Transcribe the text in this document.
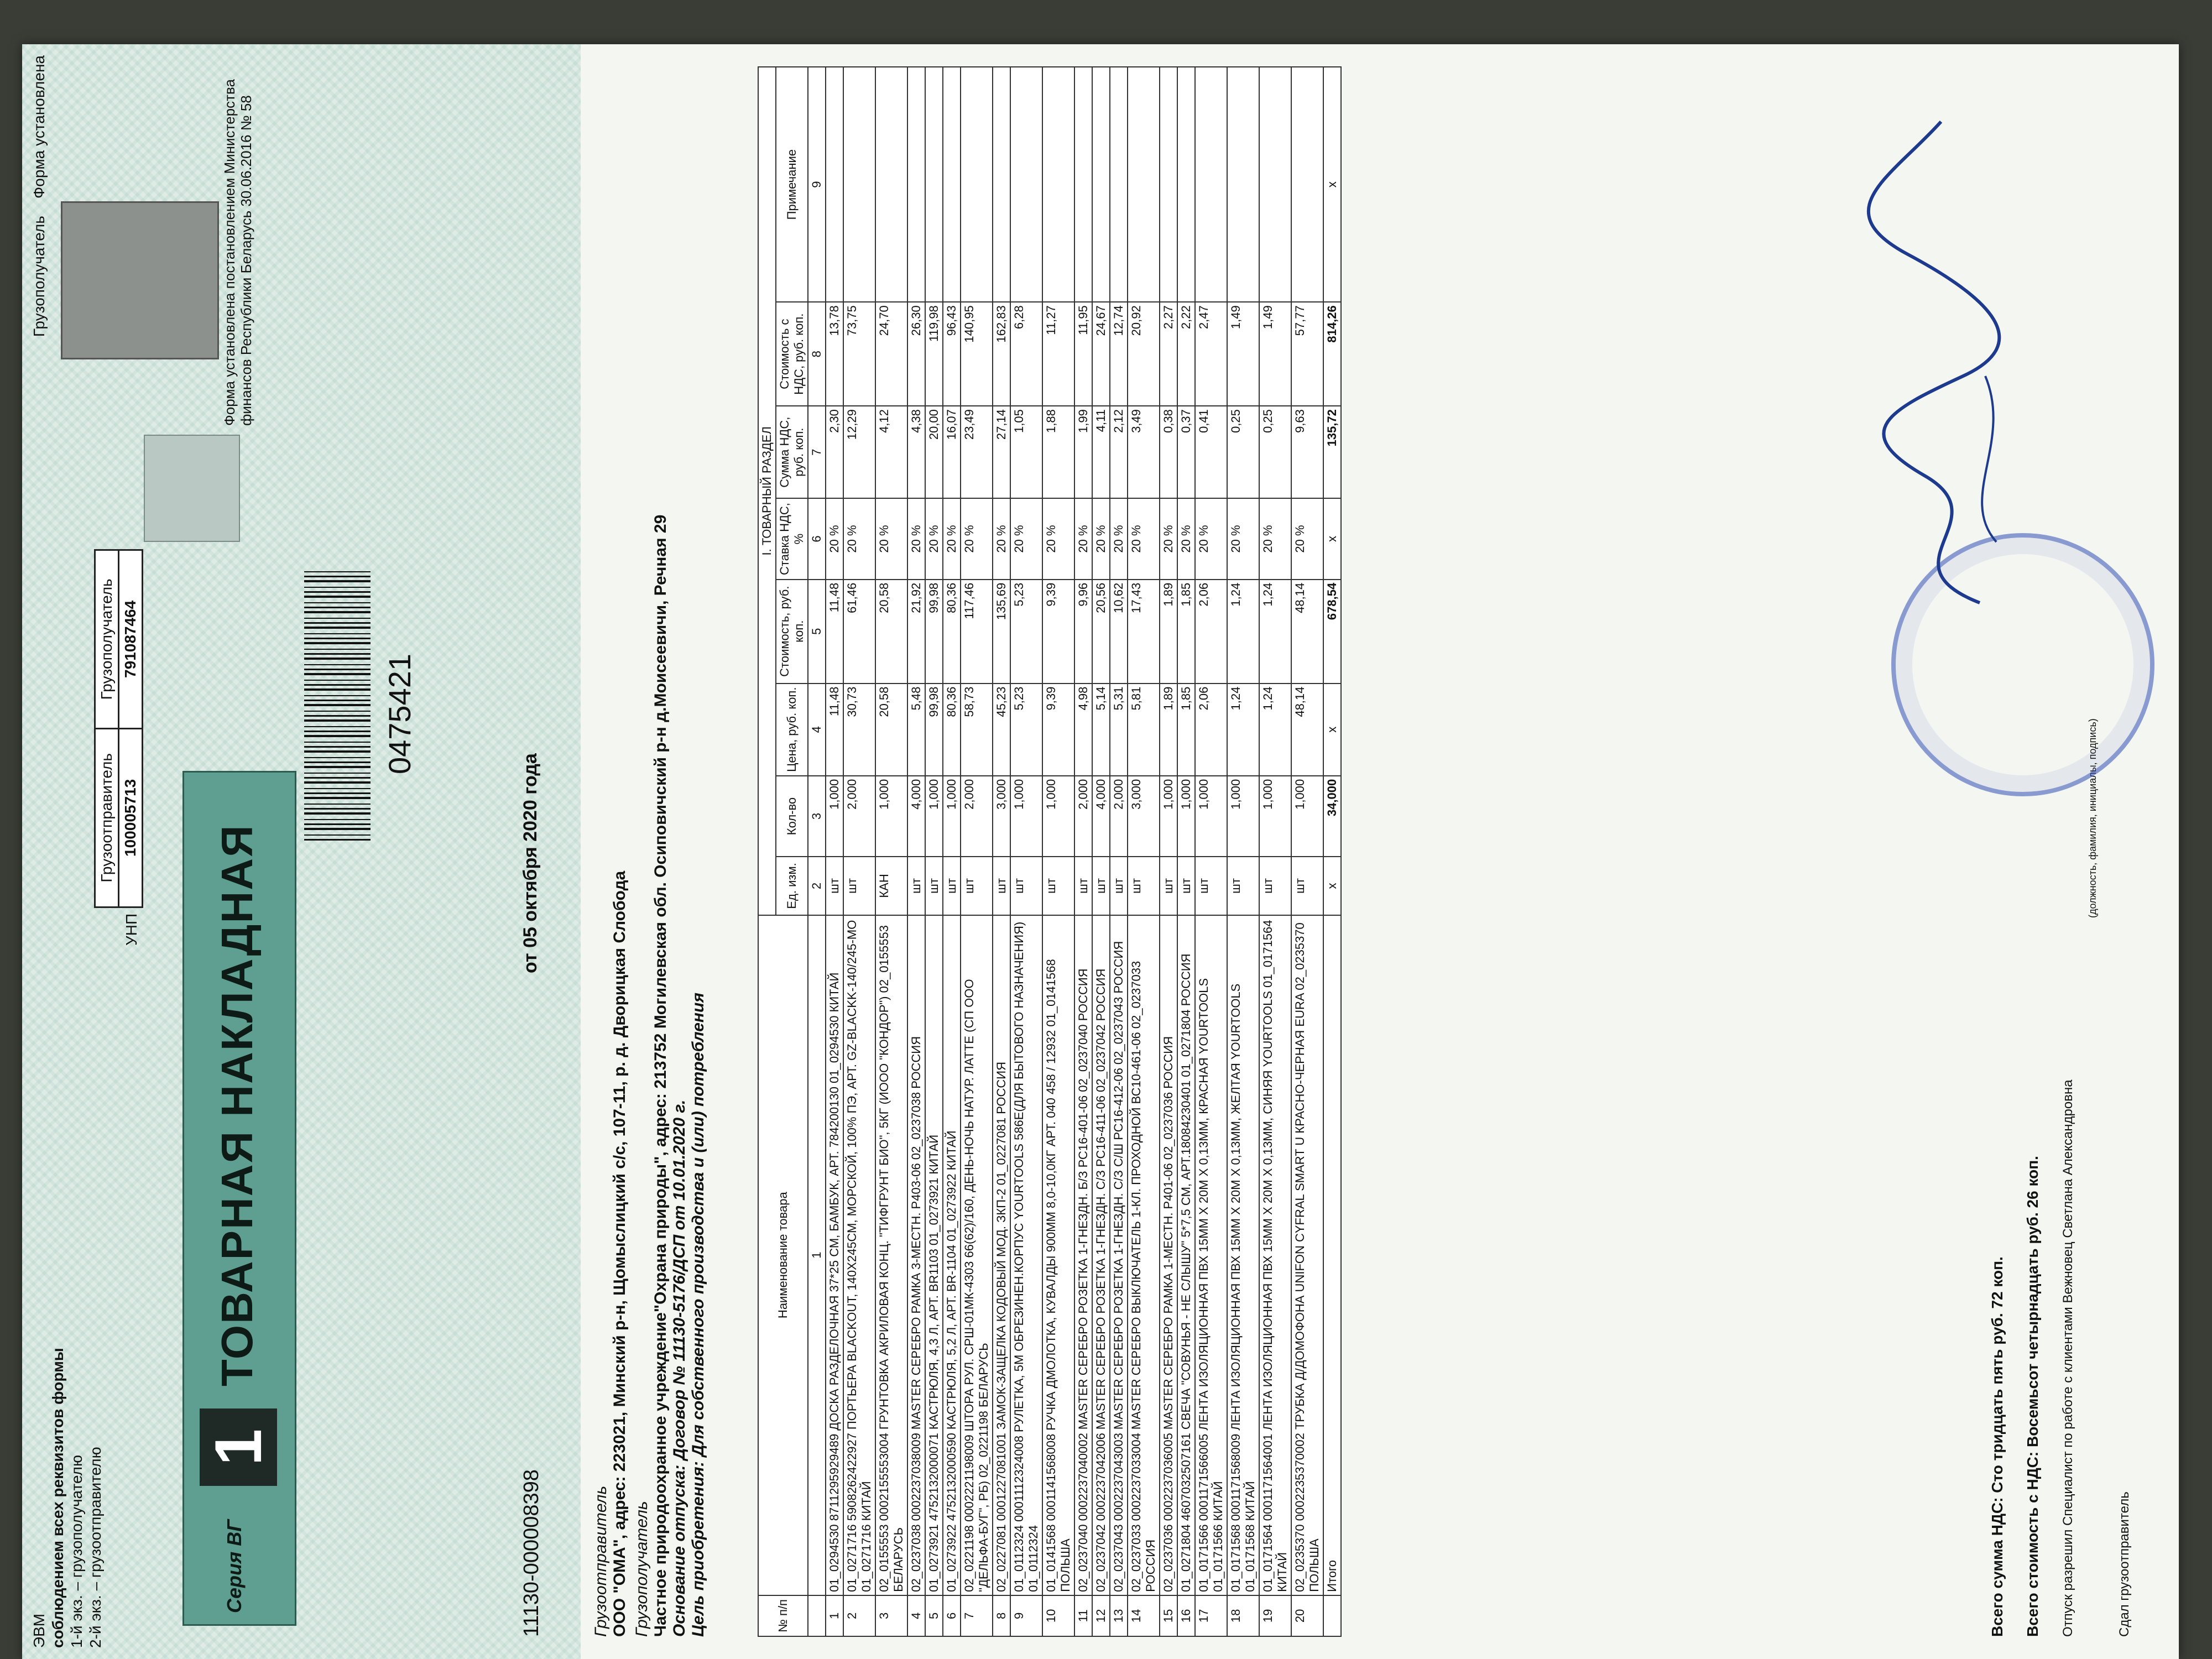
ЭВМ соблюдением всех реквизитов формы 1-й экз. – грузополучателю 2-й экз. – грузоотправителю
Грузополучатель    Форма установлена
УНП	Грузоотправитель	Грузополучатель
	100005713	791087464
Форма установлена постановлением Министерства финансов Республики Беларусь 30.06.2016 № 58
Серия ВГ
1
ТОВАРНАЯ НАКЛАДНАЯ
0475421
11130-000008398
от 05 октября 2020 года
Грузоотправитель ООО "ОМА", адрес: 223021, Минский р-н, Щомыслицкий с/с, 107-11, р. д. Дворицкая Слобода Грузополучатель Частное природоохранное учреждение"Охрана природы", адрес: 213752 Могилевская обл. Осиповичский р-н д.Моисеевичи, Речная 29 Основание отпуска: Договор № 11130-5176/ДСП от 10.01.2020 г. Цель приобретения: Для собственного производства и (или) потребления	№ п/п	Наименование товара	I. ТОВАРНЫЙ РАЗДЕЛ							
		Ед. изм.	Кол-во	Цена, руб. коп.	Стоимость, руб. коп.	Ставка НДС, %	Сумма НДС, руб. коп.	Стоимость с НДС, руб. коп.	Примечание
	1	2	3	4	5	6	7	8	9
1	01_0294530 8711295929489 ДОСКА РАЗДЕЛОЧНАЯ 37*25 СМ, БАМБУК, АРТ. 784200130 01_0294530 КИТАЙ	шт	1,000	11,48	11,48	20 %	2,30	13,78	
2	01_0271716 5908262422927 ПОРТЬЕРА BLACKOUT, 140X245СМ, МОРСКОЙ, 100% ПЭ, АРТ. GZ-BLACKK-140/245-MO 01_0271716 КИТАЙ	шт	2,000	30,73	61,46	20 %	12,29	73,75	
3	02_0155553 0002155553004 ГРУНТОВКА АКРИЛОВАЯ КОНЦ. "ТИФГРУНТ БИО", 5КГ (ИООО "КОНДОР") 02_0155553 БЕЛАРУСЬ	КАН	1,000	20,58	20,58	20 %	4,12	24,70	
4	02_0237038 0002237038009 MASTER СЕРЕБРО РАМКА 3-МЕСТН. Р403-06 02_0237038 РОССИЯ	шт	4,000	5,48	21,92	20 %	4,38	26,30	
5	01_0273921 4752132000071 КАСТРЮЛЯ, 4,3 Л, АРТ. BR1103 01_0273921 КИТАЙ	шт	1,000	99,98	99,98	20 %	20,00	119,98	
6	01_0273922 4752132000590 КАСТРЮЛЯ, 5,2 Л, АРТ. BR-1104 01_0273922 КИТАЙ	шт	1,000	80,36	80,36	20 %	16,07	96,43	
7	02_0221198 0002221198009 ШТОРА РУЛ. СРШ-01МК-4303 66(62)/160, ДЕНЬ-НОЧЬ НАТУР. ЛАТТЕ (СП ООО "ДЕЛЬФА-БУГ", РБ) 02_0221198 БЕЛАРУСЬ	шт	2,000	58,73	117,46	20 %	23,49	140,95	
8	02_0227081 0001227081001 ЗАМОК-ЗАЩЕЛКА КОДОВЫЙ МОД. ЗКП-2 01_0227081 РОССИЯ	шт	3,000	45,23	135,69	20 %	27,14	162,83	
9	01_0112324 0001112324008 РУЛЕТКА, 5М ОБРЕЗИНЕН.КОРПУС YOURTOOLS 586Е(ДЛЯ БЫТОВОГО НАЗНАЧЕНИЯ) 01_0112324	шт	1,000	5,23	5,23	20 %	1,05	6,28	
10	01_0141568 0001141568008 РУЧКА ДМОЛОТКА, КУВАЛДЫ 900ММ 8,0-10,0КГ АРТ. 040 458 / 12932 01_0141568 ПОЛЬША	шт	1,000	9,39	9,39	20 %	1,88	11,27	
11	02_0237040 0002237040002 MASTER СЕРЕБРО РОЗЕТКА 1-ГНЕЗДН. Б/З РС16-401-06 02_0237040 РОССИЯ	шт	2,000	4,98	9,96	20 %	1,99	11,95	
12	02_0237042 0002237042006 MASTER СЕРЕБРО РОЗЕТКА 1-ГНЕЗДН. С/З РС16-411-06 02_0237042 РОССИЯ	шт	4,000	5,14	20,56	20 %	4,11	24,67	
13	02_0237043 0002237043003 MASTER СЕРЕБРО РОЗЕТКА 1-ГНЕЗДН. С/З С/Ш РС16-412-06 02_0237043 РОССИЯ	шт	2,000	5,31	10,62	20 %	2,12	12,74	
14	02_0237033 0002237033004 MASTER СЕРЕБРО ВЫКЛЮЧАТЕЛЬ 1-КЛ. ПРОХОДНОЙ ВС10-461-06 02_0237033 РОССИЯ	шт	3,000	5,81	17,43	20 %	3,49	20,92	
15	02_0237036 0002237036005 MASTER СЕРЕБРО РАМКА 1-МЕСТН. Р401-06 02_0237036 РОССИЯ	шт	1,000	1,89	1,89	20 %	0,38	2,27	
16	01_0271804 4607032507161 СВЕЧА "СОВУНЬЯ - НЕ СЛЫШУ" 5*7,5 СМ, АРТ.18084230401 01_0271804 РОССИЯ	шт	1,000	1,85	1,85	20 %	0,37	2,22	
17	01_0171566 0001171566005 ЛЕНТА ИЗОЛЯЦИОННАЯ ПВХ 15ММ Х 20М Х 0,13ММ, КРАСНАЯ YOURTOOLS 01_0171566 КИТАЙ	шт	1,000	2,06	2,06	20 %	0,41	2,47	
18	01_0171568 0001171568009 ЛЕНТА ИЗОЛЯЦИОННАЯ ПВХ 15ММ Х 20М Х 0,13ММ, ЖЕЛТАЯ YOURTOOLS 01_0171568 КИТАЙ	шт	1,000	1,24	1,24	20 %	0,25	1,49	
19	01_0171564 0001171564001 ЛЕНТА ИЗОЛЯЦИОННАЯ ПВХ 15ММ Х 20М Х 0,13ММ, СИНЯЯ YOURTOOLS 01_0171564 КИТАЙ	шт	1,000	1,24	1,24	20 %	0,25	1,49	
20	02_0235370 0002235370002 ТРУБКА Д/ДОМОФОНА UNIFON CYFRAL SMART U КРАСНО-ЧЕРНАЯ EURA 02_0235370 ПОЛЬША	шт	1,000	48,14	48,14	20 %	9,63	57,77	
	Итого	х	34,000	х	678,54	х	135,72	814,26	х
Всего сумма НДС: Сто тридцать пять руб. 72 коп. Всего стоимость с НДС: Восемьсот четырнадцать руб. 26 коп.	Отпуск разрешил Специалист по работе с клиентами Вежновец Светлана Александровна
(должность, фамилия, инициалы, подпись)
Сдал грузоотправитель
